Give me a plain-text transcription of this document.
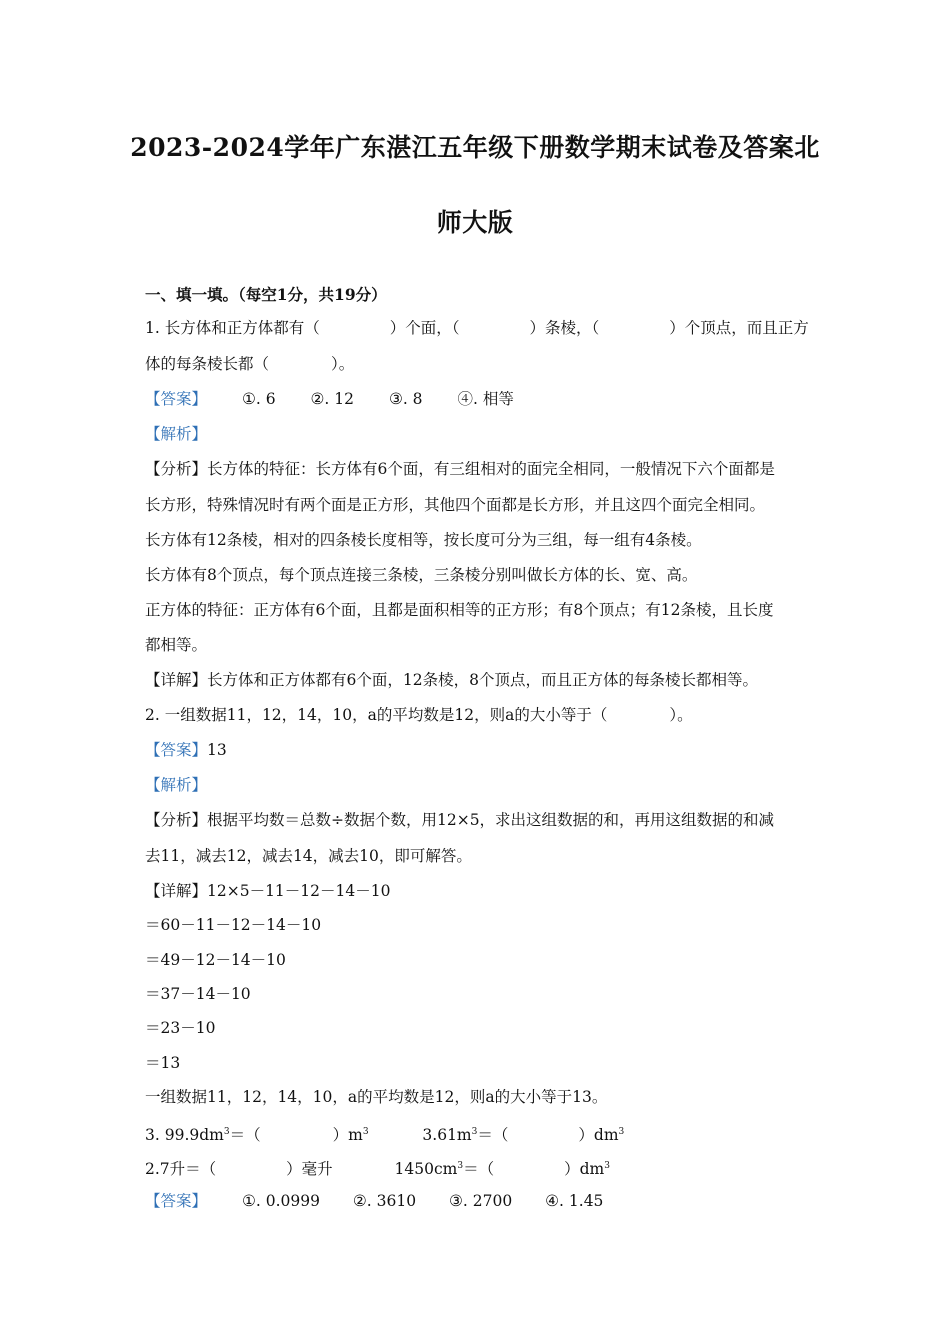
2023-2024学年广东湛江五年级下册数学期末试卷及答案北
师大版
一、填一填。（每空1分，共19分）
1. 长方体和正方体都有（	）个面，（	）条棱，（	）个顶点，而且正方
体的每条棱长都（　　　　）。
【答案】 ①. 6 ②. 12 ③. 8 ④. 相等
【解析】
【分析】长方体的特征：长方体有6个面，有三组相对的面完全相同，一般情况下六个面都是
长方形，特殊情况时有两个面是正方形，其他四个面都是长方形，并且这四个面完全相同。
长方体有12条棱，相对的四条棱长度相等，按长度可分为三组，每一组有4条棱。
长方体有8个顶点，每个顶点连接三条棱，三条棱分别叫做长方体的长、宽、高。
正方体的特征：正方体有6个面，且都是面积相等的正方形；有8个顶点；有12条棱，且长度
都相等。
【详解】长方体和正方体都有6个面，12条棱，8个顶点，而且正方体的每条棱长都相等。
2. 一组数据11，12，14，10，a的平均数是12，则a的大小等于（　　　　）。
【答案】13
【解析】
【分析】根据平均数＝总数÷数据个数，用12×5，求出这组数据的和，再用这组数据的和减
去11，减去12，减去14，减去10，即可解答。
【详解】12×5－11－12－14－10
＝60－11－12－14－10
＝49－12－14－10
＝37－14－10
＝23－10
＝13
一组数据11，12，14，10，a的平均数是12，则a的大小等于13。
3. $99.9dm^3=$（	）$m^3$	$3.61m^3=$（	）$dm^3$
2.7升＝（	）毫升	$1450cm^3=$（	）$dm^3$
【答案】 ①. 0.0999 ②. 3610 ③. 2700 ④. 1.45
